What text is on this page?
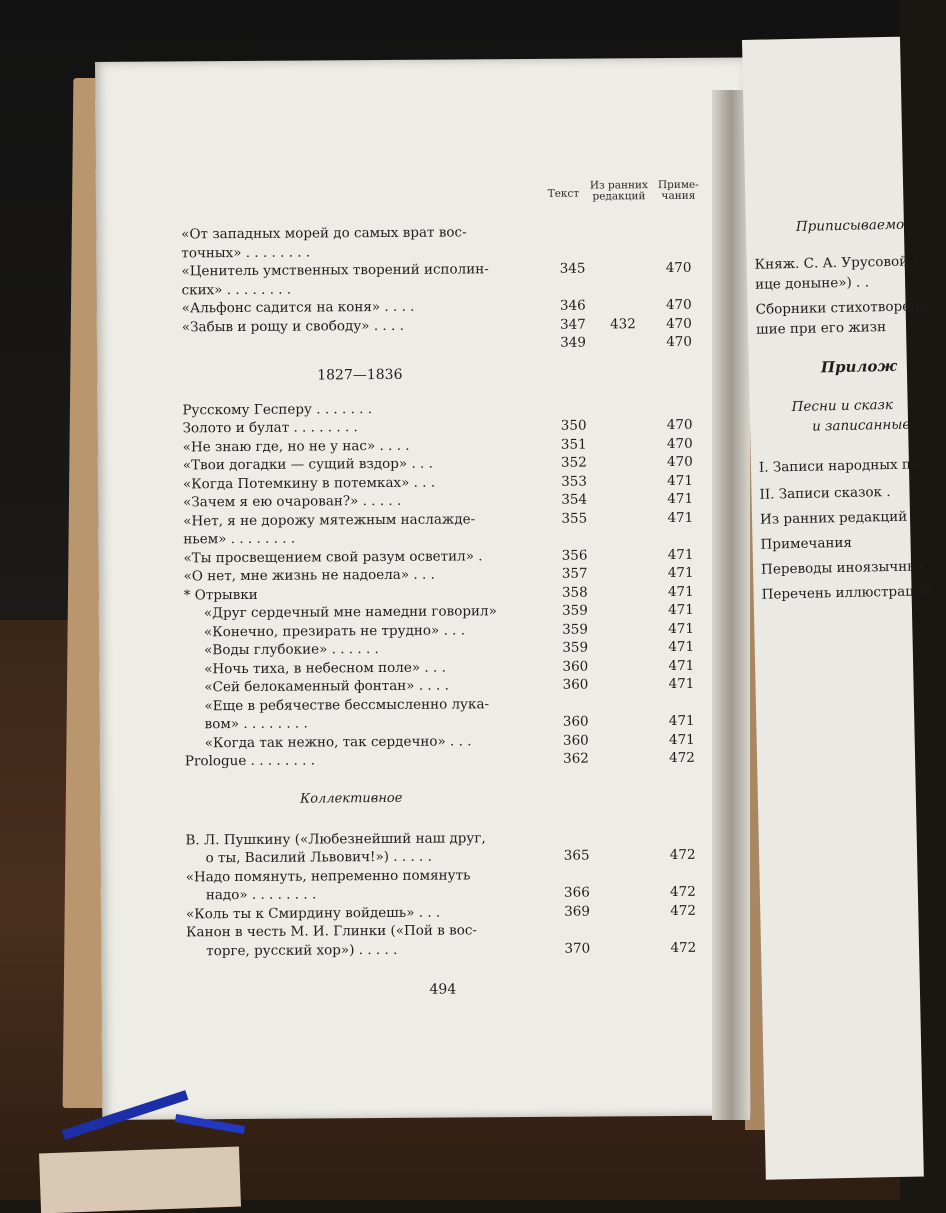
Текст
Из ранних редакций
Приме- чания
«От западных морей до самых врат вос-
точных» . . . . . . . .
«Ценитель умственных творений исполин-	345	470
ских» . . . . . . . .
«Альфонс садится на коня» . . . .	346	470
«Забыв и рощу и свободу» . . . .	347	432	470
349	470
1827—1836
Русскому Гесперу . . . . . . .
Золото и булат . . . . . . . .	350	470
«Не знаю где, но не у нас» . . . .	351	470
«Твои догадки — сущий вздор» . . .	352	470
«Когда Потемкину в потемках» . . .	353	471
«Зачем я ею очарован?» . . . . .	354	471
«Нет, я не дорожу мятежным наслажде-	355	471
ньем» . . . . . . . .
«Ты просвещением свой разум осветил» .	356	471
«О нет, мне жизнь не надоела» . . .	357	471
* Отрывки	358	471
«Друг сердечный мне намедни говорил»	359	471
«Конечно, презирать не трудно» . . .	359	471
«Воды глубокие» . . . . . .	359	471
«Ночь тиха, в небесном поле» . . .	360	471
«Сей белокаменный фонтан» . . . .	360	471
«Еще в ребячестве бессмысленно лука-
вом» . . . . . . . .	360	471
«Когда так нежно, так сердечно» . . .	360	471
Prologue . . . . . . . .	362	472
Коллективное
В. Л. Пушкину («Любезнейший наш друг,
о ты, Василий Львович!») . . . . .	365	472
«Надо помянуть, непременно помянуть
надо» . . . . . . . .	366	472
«Коль ты к Смирдину войдешь» . . .	369	472
Канон в честь М. И. Глинки («Пой в вос-
торге, русский хор») . . . . .	370	472
494
Приписываемо
Княж. С. А. Урусовой (
ице донынe») . .
Сборники стихотворени
шие при его жизн
Прилож
Песни и сказк
и записанные
I. Записи народных пе
II. Записи сказок .
Из ранних редакций
Примечания
Переводы иноязычных
Перечень иллюстраций
